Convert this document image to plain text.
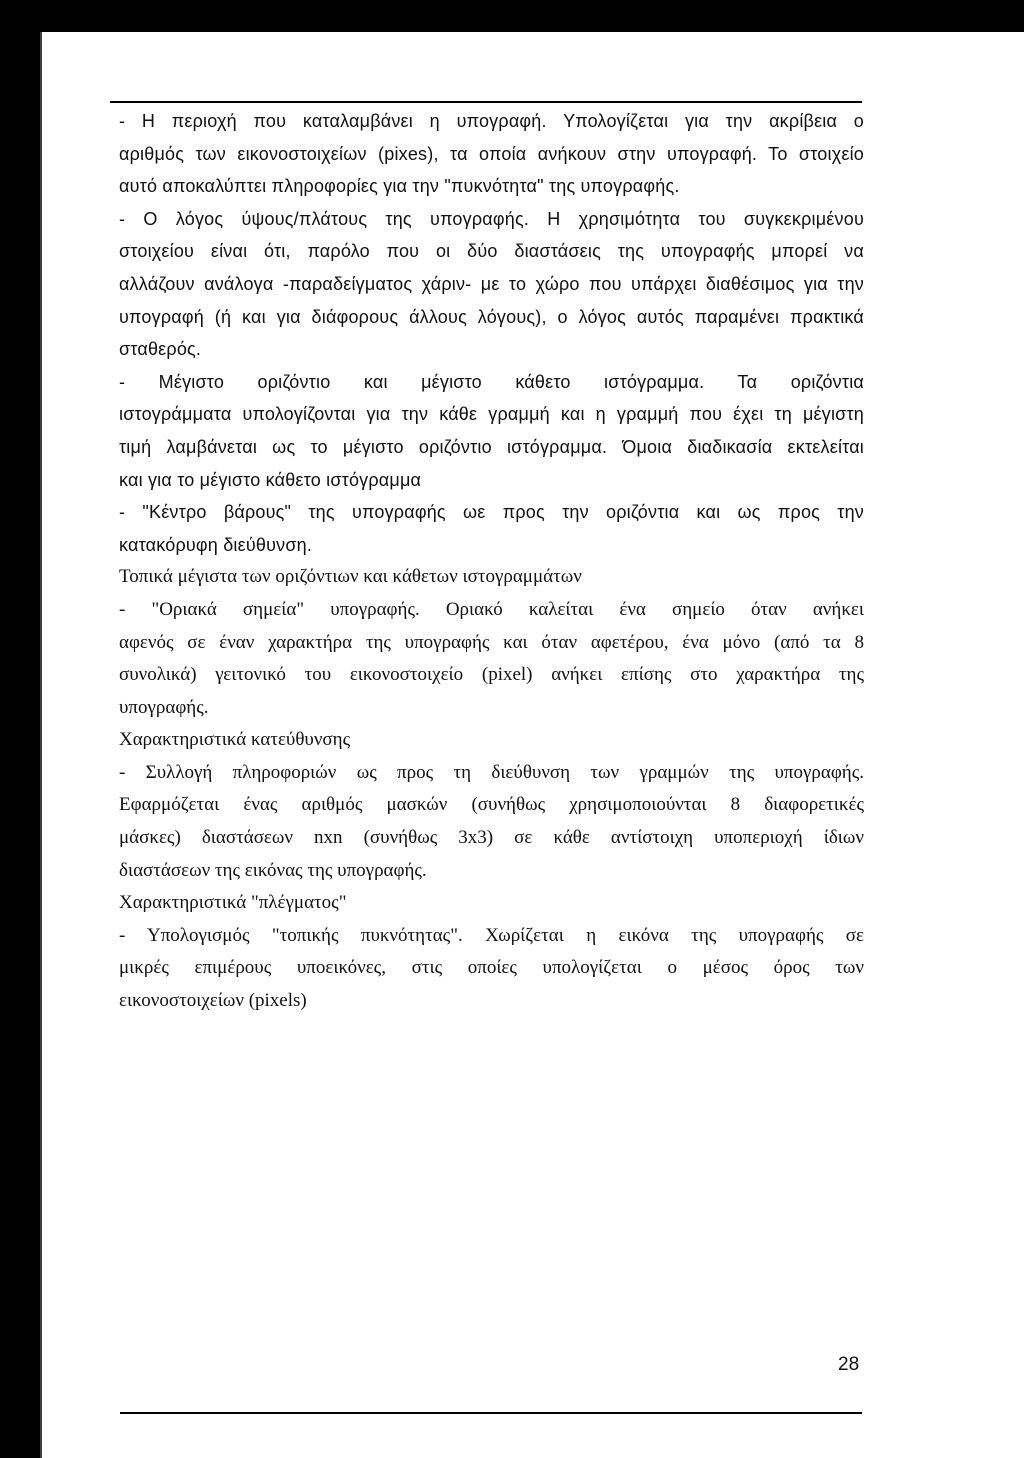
- Η περιοχή που καταλαμβάνει η υπογραφή. Υπολογίζεται για την ακρίβεια ο
αριθμός των εικονοστοιχείων (pixes), τα οποία ανήκουν στην υπογραφή. Το στοιχείο
αυτό αποκαλύπτει πληροφορίες για την "πυκνότητα" της υπογραφής.
- Ο λόγος ύψους/πλάτους της υπογραφής. Η χρησιμότητα του συγκεκριμένου
στοιχείου είναι ότι, παρόλο που οι δύο διαστάσεις της υπογραφής μπορεί να
αλλάζουν ανάλογα -παραδείγματος χάριν- με το χώρο που υπάρχει διαθέσιμος για την
υπογραφή (ή και για διάφορους άλλους λόγους), ο λόγος αυτός παραμένει πρακτικά
σταθερός.
- Μέγιστο οριζόντιο και μέγιστο κάθετο ιστόγραμμα. Τα οριζόντια
ιστογράμματα υπολογίζονται για την κάθε γραμμή και η γραμμή που έχει τη μέγιστη
τιμή λαμβάνεται ως το μέγιστο οριζόντιο ιστόγραμμα. Όμοια διαδικασία εκτελείται
και για το μέγιστο κάθετο ιστόγραμμα
- "Κέντρο βάρους" της υπογραφής ωε προς την οριζόντια και ως προς την
κατακόρυφη διεύθυνση.
Τοπικά μέγιστα των οριζόντιων και κάθετων ιστογραμμάτων
- "Οριακά σημεία" υπογραφής. Οριακό καλείται ένα σημείο όταν ανήκει
αφενός σε έναν χαρακτήρα της υπογραφής και όταν αφετέρου, ένα μόνο (από τα 8
συνολικά) γειτονικό του εικονοστοιχείο (pixel) ανήκει επίσης στο χαρακτήρα της
υπογραφής.
Χαρακτηριστικά κατεύθυνσης
- Συλλογή πληροφοριών ως προς τη διεύθυνση των γραμμών της υπογραφής.
Εφαρμόζεται ένας αριθμός μασκών (συνήθως χρησιμοποιούνται 8 διαφορετικές
μάσκες) διαστάσεων nxn (συνήθως 3x3) σε κάθε αντίστοιχη υποπεριοχή ίδιων
διαστάσεων της εικόνας της υπογραφής.
Χαρακτηριστικά "πλέγματος"
- Υπολογισμός "τοπικής πυκνότητας". Χωρίζεται η εικόνα της υπογραφής σε
μικρές επιμέρους υποεικόνες, στις οποίες υπολογίζεται ο μέσος όρος των
εικονοστοιχείων (pixels)
28
